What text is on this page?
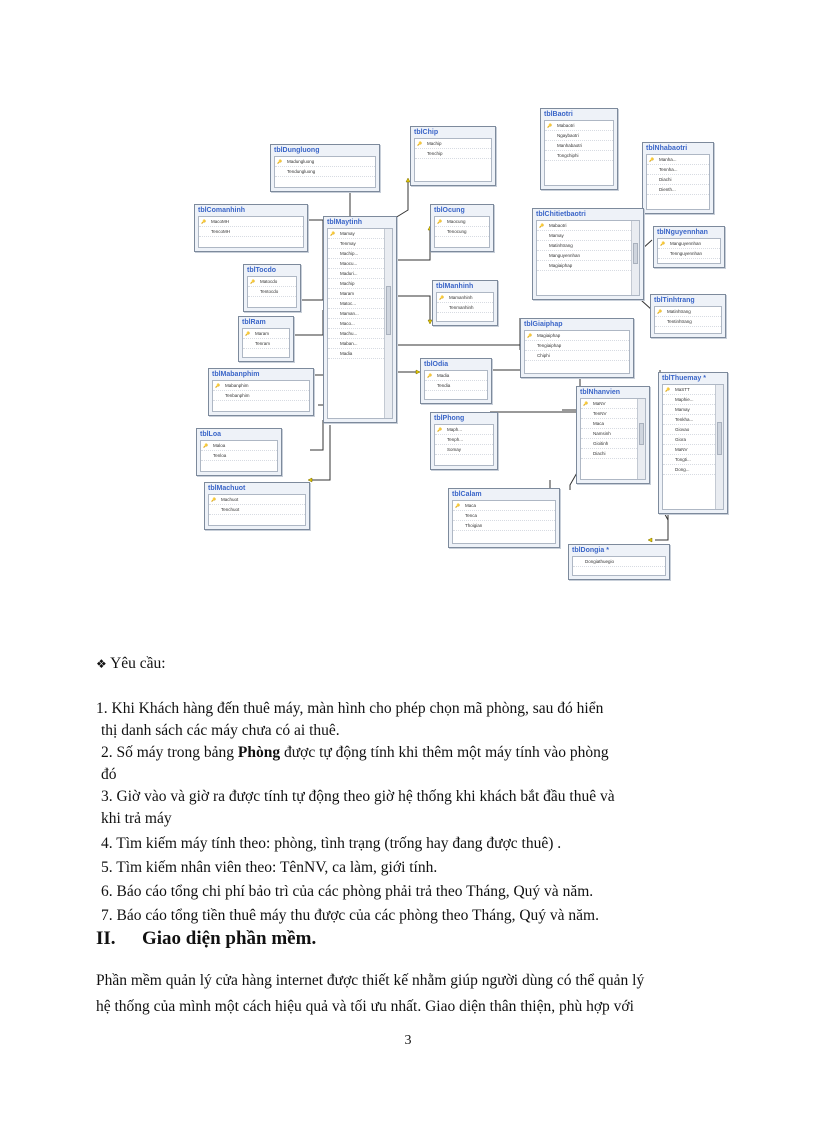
tblDungluong
🔑 Madungluong
Tendungluong
tblChip
🔑 Machip
Tenchip
tblBaotri
🔑 Mabaotri
Ngaybaotri
Manhabaotri
Tongchiphi
tblNhabaotri
🔑 Manha...
Tennha...
Diachi
Dienth...
tblComanhinh
🔑 MacoMH
TencoMH
tblMaytinh
🔑 Mamay
Tenmay
Machip...
Maocu...
Maduri...
Machip
Maram
Matoc...
Maman...
Maco...
Machu...
Maban...
Madia
tblOcung
🔑 Maocung
Tenocung
tblChitietbaotri
🔑 Mabaotri
Mamay
Matinhtrang
Manguyennhan
Magiaiphap
tblNguyennhan
🔑 Manguyennhan
Tennguyennhan
tblTocdo
🔑 Matocdo
Tentocdo
tblManhinh
🔑 Mamanhinh
Tenmanhinh
tblTinhtrang
🔑 Matinhtrang
Tentinhtrang
tblRam
🔑 Maram
Tenram
tblGiaiphap
🔑 Magiaiphap
Tengiaiphap
Chiphi
tblMabanphim
🔑 Mabanphim
Tenbanphim
tblOdia
🔑 Madia
Tendia
tblNhanvien
🔑 MaNV
TenNV
Maca
Namsinh
Gioitinh
Diachi
tblThuemay *
🔑 MaSTT
Maphie...
Mamay
Tenkha...
Giovao
Giora
MaNV
Tongti...
Dong...
tblLoa
🔑 Maloa
Tenloa
tblPhong
🔑 Maph...
Tenph...
Somay
tblMachuot
🔑 Machuot
Tenchuot
tblCalam
🔑 Maca
Tenca
Thoigian
tblDongia *
Dongiathuegio
❖ Yêu cầu:
1. Khi Khách hàng đến thuê máy, màn hình cho phép chọn mã phòng, sau đó hiển
thị danh sách các máy chưa có ai thuê.
2. Số máy trong bảng Phòng được tự động tính khi thêm một máy tính vào phòng
đó
3. Giờ vào và giờ ra được tính tự động theo giờ hệ thống khi khách bắt đầu thuê và
khi trả máy
4. Tìm kiếm máy tính theo: phòng, tình trạng (trống hay đang được thuê) .
5. Tìm kiếm nhân viên theo: TênNV, ca làm, giới tính.
6. Báo cáo tổng chi phí bảo trì của các phòng phải trả theo Tháng, Quý và năm.
7. Báo cáo tổng tiền thuê máy thu được của các phòng theo Tháng, Quý và năm.
II. Giao diện phần mềm.
Phần mềm quản lý cửa hàng internet được thiết kế nhằm giúp người dùng có thể quản lý
hệ thống của mình một cách hiệu quả và tối ưu nhất. Giao diện thân thiện, phù hợp với
3
